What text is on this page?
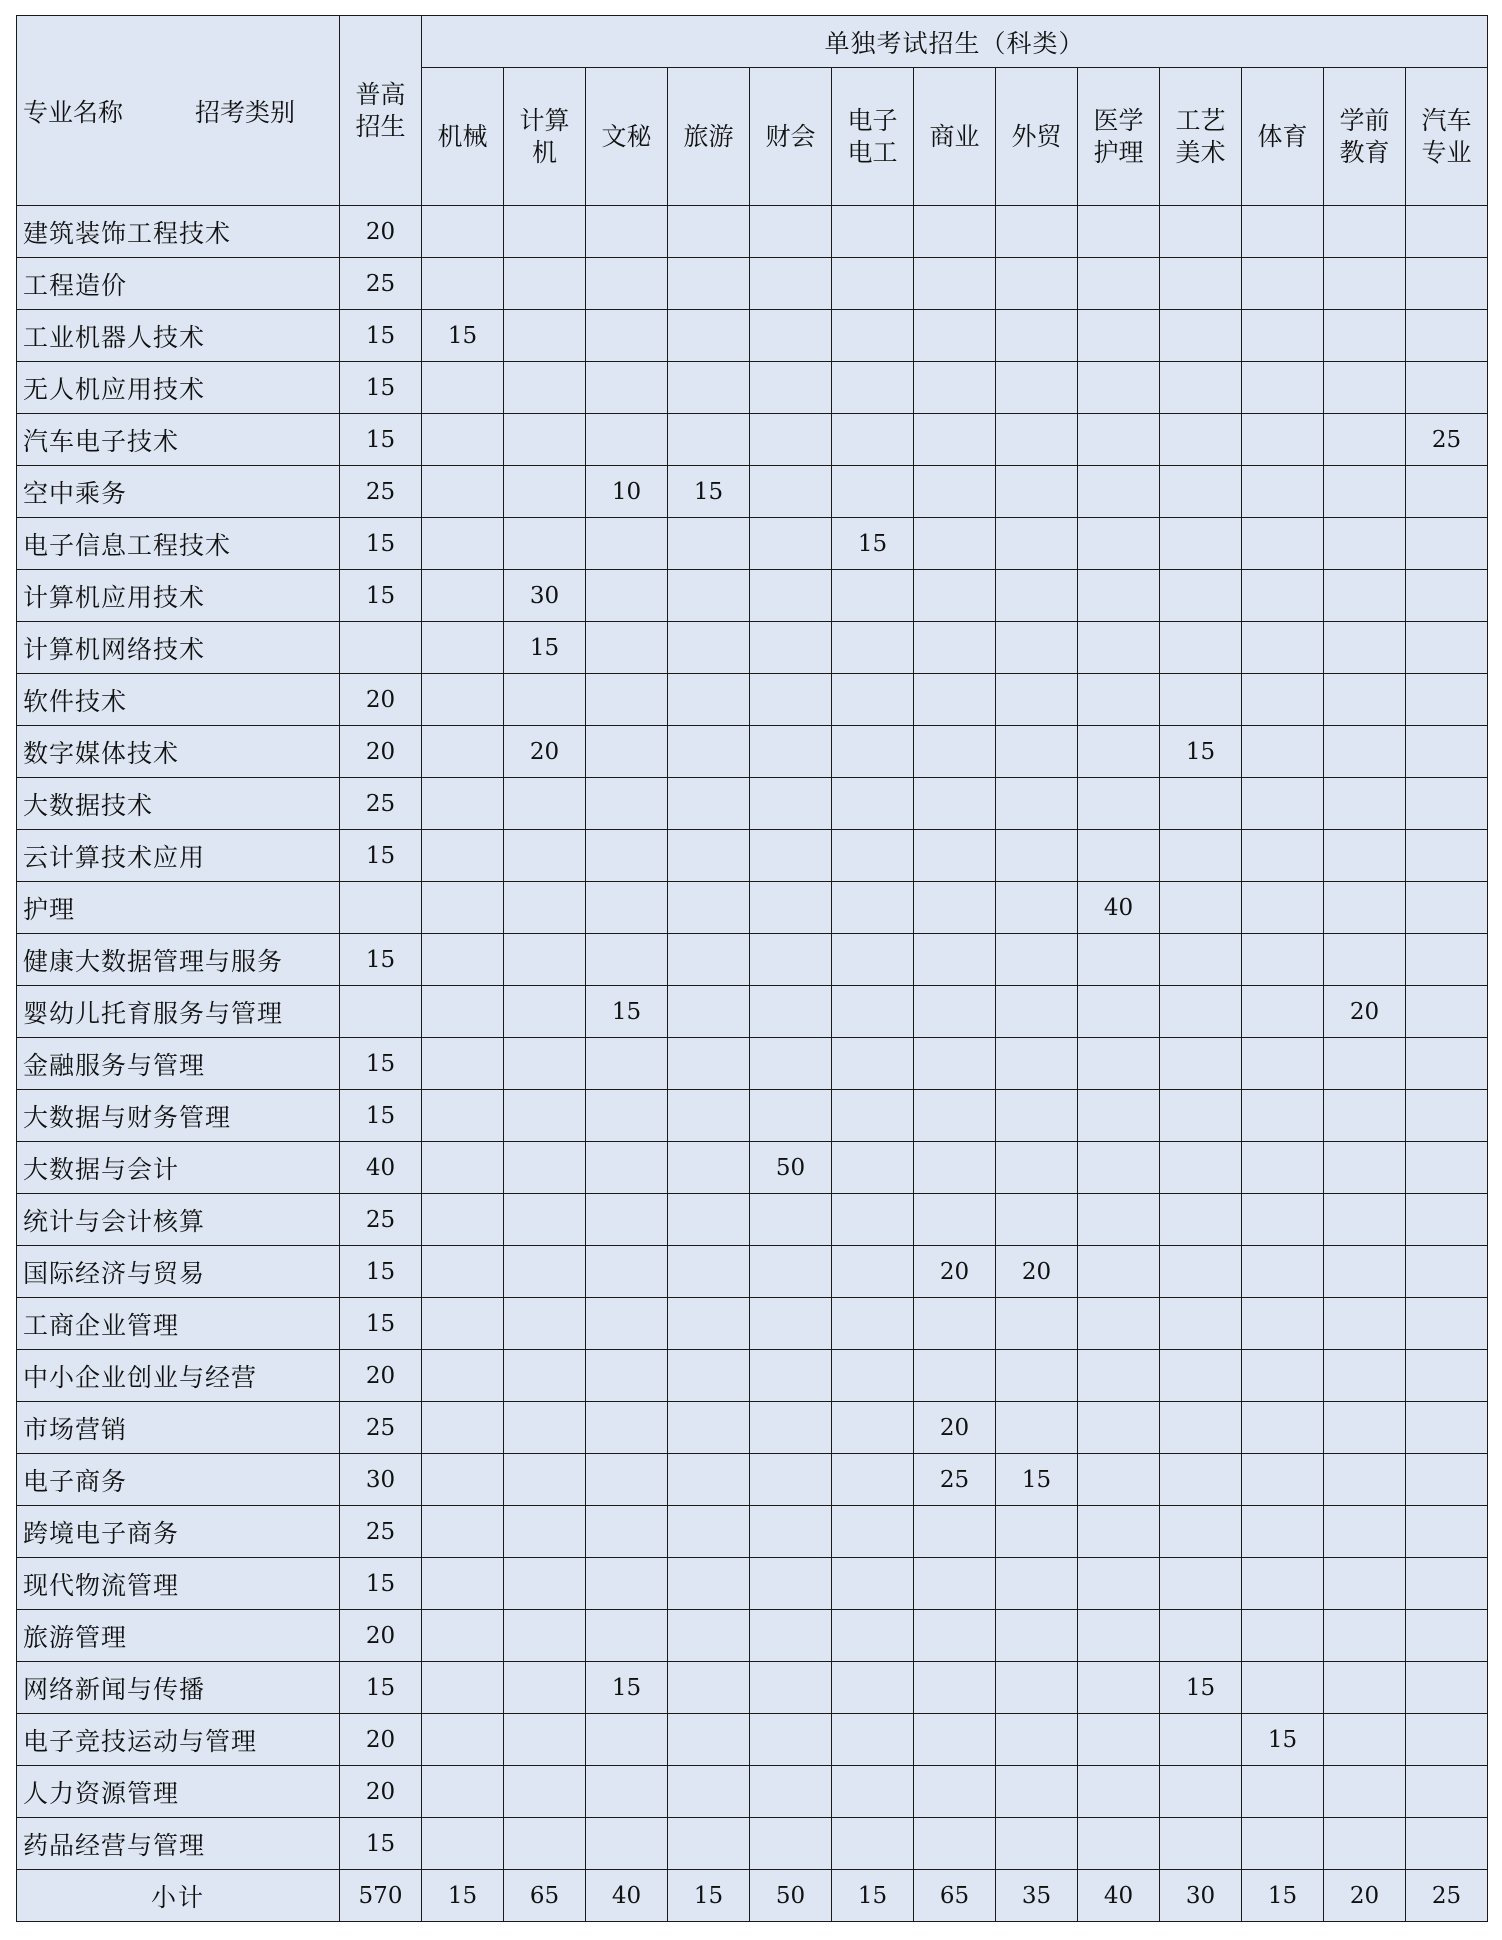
专业名称 招考类别	普高招生	单独考试招生（科类）												
		机械	计算机	文秘	旅游	财会	电子电工	商业	外贸	医学护理	工艺美术	体育	学前教育	汽车专业
建筑装饰工程技术	20													
工程造价	25													
工业机器人技术	15	15												
无人机应用技术	15													
汽车电子技术	15													25
空中乘务	25			10	15									
电子信息工程技术	15						15							
计算机应用技术	15		30											
计算机网络技术			15											
软件技术	20													
数字媒体技术	20		20								15			
大数据技术	25													
云计算技术应用	15													
护理										40				
健康大数据管理与服务	15													
婴幼儿托育服务与管理				15									20	
金融服务与管理	15													
大数据与财务管理	15													
大数据与会计	40					50								
统计与会计核算	25													
国际经济与贸易	15							20	20					
工商企业管理	15													
中小企业创业与经营	20													
市场营销	25							20						
电子商务	30							25	15					
跨境电子商务	25													
现代物流管理	15													
旅游管理	20													
网络新闻与传播	15			15							15			
电子竞技运动与管理	20											15		
人力资源管理	20													
药品经营与管理	15													
小计	570	15	65	40	15	50	15	65	35	40	30	15	20	25
